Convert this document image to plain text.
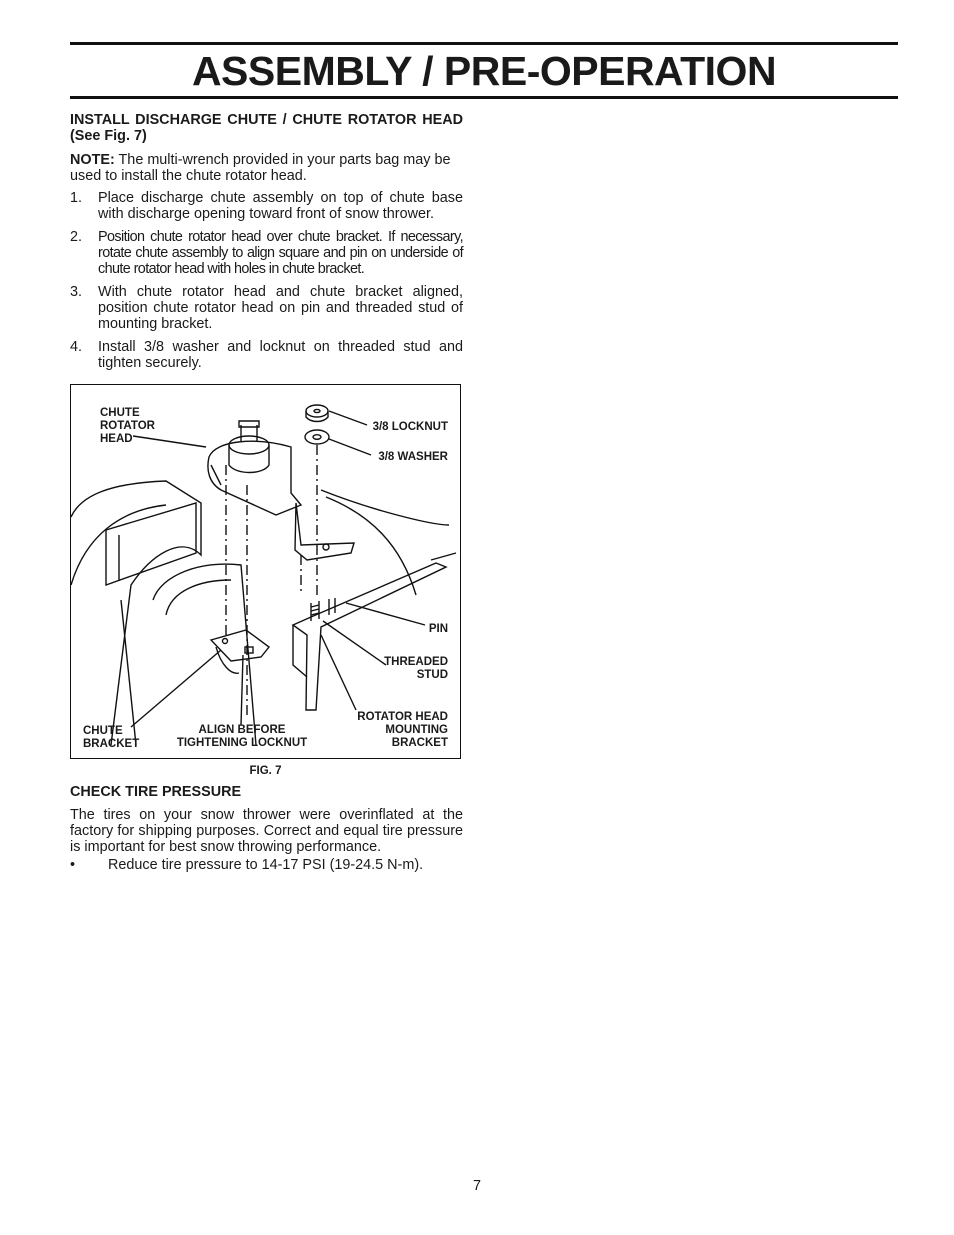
ASSEMBLY / PRE-OPERATION

INSTALL DISCHARGE CHUTE / CHUTE ROTATOR HEAD (See Fig. 7)

NOTE: The multi-wrench provided in your parts bag may be used to install the chute rotator head.

1. Place discharge chute assembly on top of chute base with discharge opening toward front of snow thrower.
2. Position chute rotator head over chute bracket. If necessary, rotate chute assembly to align square and pin on underside of chute rotator head with holes in chute bracket.
3. With chute rotator head and chute bracket aligned, position chute rotator head on pin and threaded stud of mounting bracket.
4. Install 3/8 washer and locknut on threaded stud and tighten securely.
CHUTE
ROTATOR
HEAD
3/8 LOCKNUT
3/8 WASHER
PIN
THREADED
STUD
ROTATOR HEAD
MOUNTING
BRACKET
CHUTE
BRACKET
ALIGN BEFORE
TIGHTENING LOCKNUT
FIG. 7

CHECK TIRE PRESSURE

The tires on your snow thrower were overinflated at the factory for shipping purposes. Correct and equal tire pressure is important for best snow throwing performance.

• Reduce tire pressure to 14-17 PSI (19-24.5 N-m).

7
